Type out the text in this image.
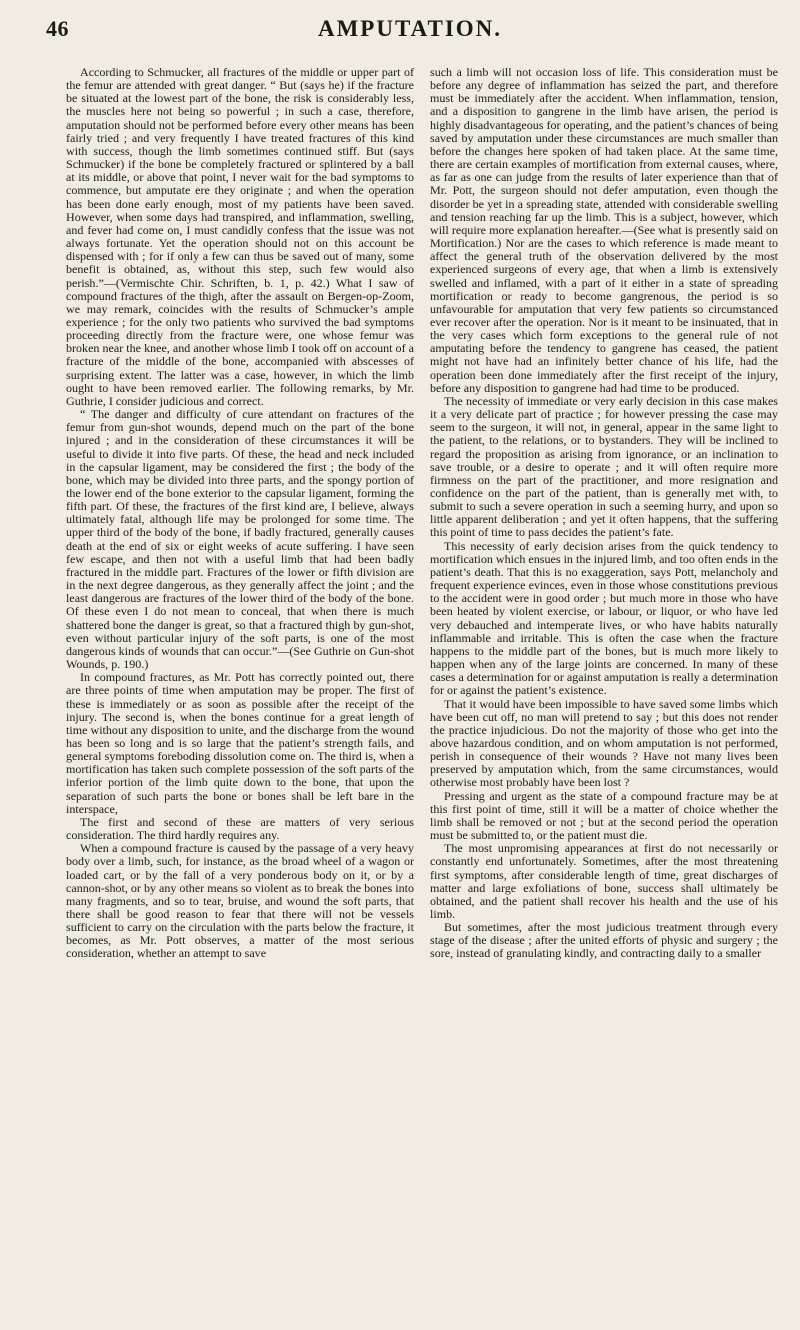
46	AMPUTATION.

According to Schmucker, all fractures of the middle or upper part of the femur are attended with great danger. “ But (says he) if the fracture be situated at the lowest part of the bone, the risk is considerably less, the muscles here not being so powerful ; in such a case, therefore, amputation should not be performed before every other means has been fairly tried ; and very frequently I have treated fractures of this kind with success, though the limb sometimes continued stiff. But (says Schmucker) if the bone be completely fractured or splintered by a ball at its middle, or above that point, I never wait for the bad symptoms to commence, but amputate ere they originate ; and when the operation has been done early enough, most of my patients have been saved. However, when some days had transpired, and inflammation, swelling, and fever had come on, I must candidly confess that the issue was not always fortunate. Yet the operation should not on this account be dispensed with ; for if only a few can thus be saved out of many, some benefit is obtained, as, without this step, such few would also perish.”—(Vermischte Chir. Schriften, b. 1, p. 42.) What I saw of compound fractures of the thigh, after the assault on Bergen-op-Zoom, we may remark, coincides with the results of Schmucker’s ample experience ; for the only two patients who survived the bad symptoms proceeding directly from the fracture were, one whose femur was broken near the knee, and another whose limb I took off on account of a fracture of the middle of the bone, accompanied with abscesses of surprising extent. The latter was a case, however, in which the limb ought to have been removed earlier. The following remarks, by Mr. Guthrie, I consider judicious and correct.

“ The danger and difficulty of cure attendant on fractures of the femur from gun-shot wounds, depend much on the part of the bone injured ; and in the consideration of these circumstances it will be useful to divide it into five parts. Of these, the head and neck included in the capsular ligament, may be considered the first ; the body of the bone, which may be divided into three parts, and the spongy portion of the lower end of the bone exterior to the capsular ligament, forming the fifth part. Of these, the fractures of the first kind are, I believe, always ultimately fatal, although life may be prolonged for some time. The upper third of the body of the bone, if badly fractured, generally causes death at the end of six or eight weeks of acute suffering. I have seen few escape, and then not with a useful limb that had been badly fractured in the middle part. Fractures of the lower or fifth division are in the next degree dangerous, as they generally affect the joint ; and the least dangerous are fractures of the lower third of the body of the bone. Of these even I do not mean to conceal, that when there is much shattered bone the danger is great, so that a fractured thigh by gun-shot, even without particular injury of the soft parts, is one of the most dangerous kinds of wounds that can occur.”—(See Guthrie on Gun-shot Wounds, p. 190.)

In compound fractures, as Mr. Pott has correctly pointed out, there are three points of time when amputation may be proper. The first of these is immediately or as soon as possible after the receipt of the injury. The second is, when the bones continue for a great length of time without any disposition to unite, and the discharge from the wound has been so long and is so large that the patient’s strength fails, and general symptoms foreboding dissolution come on. The third is, when a mortification has taken such complete possession of the soft parts of the inferior portion of the limb quite down to the bone, that upon the separation of such parts the bone or bones shall be left bare in the interspace,

The first and second of these are matters of very serious consideration. The third hardly requires any.

When a compound fracture is caused by the passage of a very heavy body over a limb, such, for instance, as the broad wheel of a wagon or loaded cart, or by the fall of a very ponderous body on it, or by a cannon-shot, or by any other means so violent as to break the bones into many fragments, and so to tear, bruise, and wound the soft parts, that there shall be good reason to fear that there will not be vessels sufficient to carry on the circulation with the parts below the fracture, it becomes, as Mr. Pott observes, a matter of the most serious consideration, whether an attempt to save

such a limb will not occasion loss of life. This consideration must be before any degree of inflammation has seized the part, and therefore must be immediately after the accident. When inflammation, tension, and a disposition to gangrene in the limb have arisen, the period is highly disadvantageous for operating, and the patient’s chances of being saved by amputation under these circumstances are much smaller than before the changes here spoken of had taken place. At the same time, there are certain examples of mortification from external causes, where, as far as one can judge from the results of later experience than that of Mr. Pott, the surgeon should not defer amputation, even though the disorder be yet in a spreading state, attended with considerable swelling and tension reaching far up the limb. This is a subject, however, which will require more explanation hereafter.—(See what is presently said on Mortification.) Nor are the cases to which reference is made meant to affect the general truth of the observation delivered by the most experienced surgeons of every age, that when a limb is extensively swelled and inflamed, with a part of it either in a state of spreading mortification or ready to become gangrenous, the period is so unfavourable for amputation that very few patients so circumstanced ever recover after the operation. Nor is it meant to be insinuated, that in the very cases which form exceptions to the general rule of not amputating before the tendency to gangrene has ceased, the patient might not have had an infinitely better chance of his life, had the operation been done immediately after the first receipt of the injury, before any disposition to gangrene had had time to be produced.

The necessity of immediate or very early decision in this case makes it a very delicate part of practice ; for however pressing the case may seem to the surgeon, it will not, in general, appear in the same light to the patient, to the relations, or to bystanders. They will be inclined to regard the proposition as arising from ignorance, or an inclination to save trouble, or a desire to operate ; and it will often require more firmness on the part of the practitioner, and more resignation and confidence on the part of the patient, than is generally met with, to submit to such a severe operation in such a seeming hurry, and upon so little apparent deliberation ; and yet it often happens, that the suffering this point of time to pass decides the patient’s fate.

This necessity of early decision arises from the quick tendency to mortification which ensues in the injured limb, and too often ends in the patient’s death. That this is no exaggeration, says Pott, melancholy and frequent experience evinces, even in those whose constitutions previous to the accident were in good order ; but much more in those who have been heated by violent exercise, or labour, or liquor, or who have led very debauched and intemperate lives, or who have habits naturally inflammable and irritable. This is often the case when the fracture happens to the middle part of the bones, but is much more likely to happen when any of the large joints are concerned. In many of these cases a determination for or against amputation is really a determination for or against the patient’s existence.

That it would have been impossible to have saved some limbs which have been cut off, no man will pretend to say ; but this does not render the practice injudicious. Do not the majority of those who get into the above hazardous condition, and on whom amputation is not performed, perish in consequence of their wounds ? Have not many lives been preserved by amputation which, from the same circumstances, would otherwise most probably have been lost ?

Pressing and urgent as the state of a compound fracture may be at this first point of time, still it will be a matter of choice whether the limb shall be removed or not ; but at the second period the operation must be submitted to, or the patient must die.

The most unpromising appearances at first do not necessarily or constantly end unfortunately. Sometimes, after the most threatening first symptoms, after considerable length of time, great discharges of matter and large exfoliations of bone, success shall ultimately be obtained, and the patient shall recover his health and the use of his limb.

But sometimes, after the most judicious treatment through every stage of the disease ; after the united efforts of physic and surgery ; the sore, instead of granulating kindly, and contracting daily to a smaller
